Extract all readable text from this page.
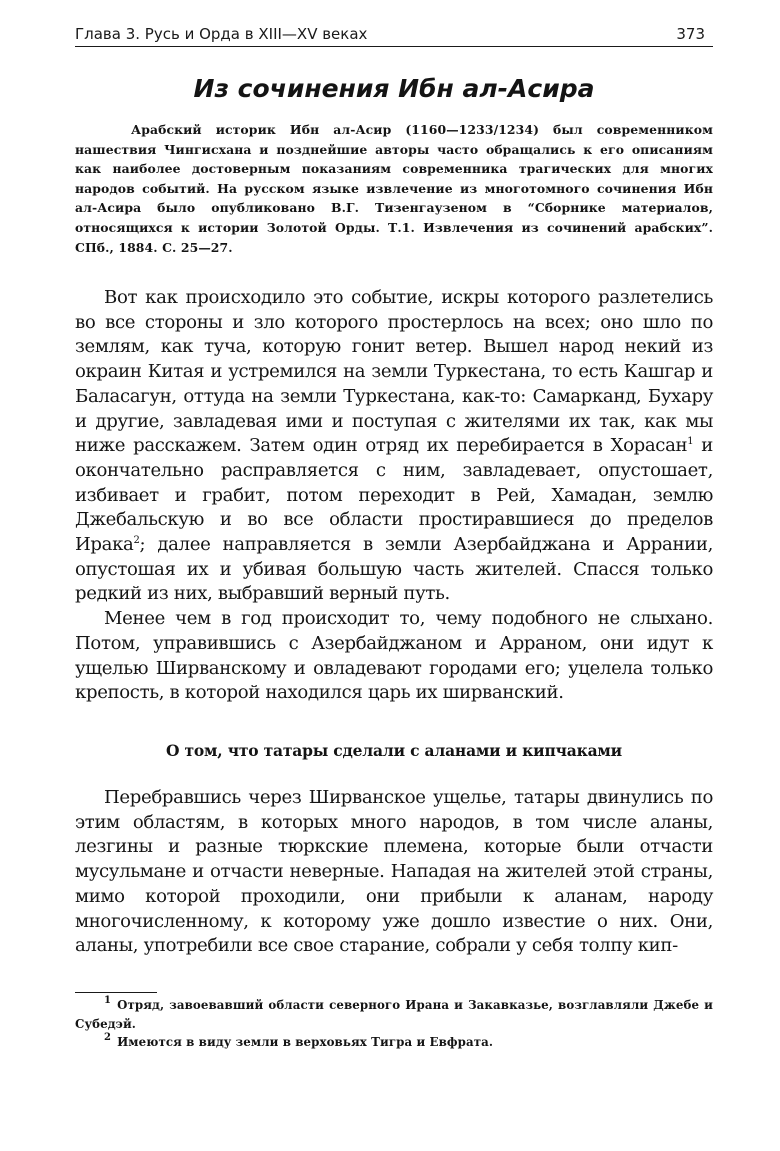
Глава 3. Русь и Орда в XIII—XV веках	373
Из сочинения Ибн ал-Асира

Арабский историк Ибн ал-Асир (1160—1233/1234) был современником нашествия Чингисхана и позднейшие авторы часто обращались к его описаниям как наиболее достоверным показаниям современника трагических для многих народов событий. На русском языке извлечение из многотомного сочинения Ибн ал-Асира было опубликовано В.Г. Тизенгаузеном в “Сборнике материалов, относящихся к истории Золотой Орды. Т.1. Извлечения из сочинений арабских”. СПб., 1884. С. 25—27.

Вот как происходило это событие, искры которого разлетелись во все стороны и зло которого простерлось на всех; оно шло по землям, как туча, которую гонит ветер. Вышел народ некий из окраин Китая и устремился на земли Туркестана, то есть Кашгар и Баласагун, оттуда на земли Туркестана, как-то: Самарканд, Бухару и другие, завладевая ими и поступая с жителями их так, как мы ниже расскажем. Затем один отряд их перебирается в Хорасан$^1$ и окончательно расправляется с ним, завладевает, опустошает, избивает и грабит, потом переходит в Рей, Хамадан, землю Джебальскую и во все области простиравшиеся до пределов Ирака$^2$; далее направляется в земли Азербайджана и Аррании, опустошая их и убивая большую часть жителей. Спасся только редкий из них, выбравший верный путь.

Менее чем в год происходит то, чему подобного не слыхано. Потом, управившись с Азербайджаном и Арраном, они идут к ущелью Ширванскому и овладевают городами его; уцелела только крепость, в которой находился царь их ширванский.

О том, что татары сделали с аланами и кипчаками

Перебравшись через Ширванское ущелье, татары двинулись по этим областям, в которых много народов, в том числе аланы, лезгины и разные тюркские племена, которые были отчасти мусульмане и отчасти неверные. Нападая на жителей этой страны, мимо которой проходили, они прибыли к аланам, народу многочисленному, к которому уже дошло известие о них. Они, аланы, употребили все свое старание, собрали у себя толпу кип-

$^1$ Отряд, завоевавший области северного Ирана и Закавказье, возглавляли Джебе и Субедэй.

$^2$ Имеются в виду земли в верховьях Тигра и Евфрата.
